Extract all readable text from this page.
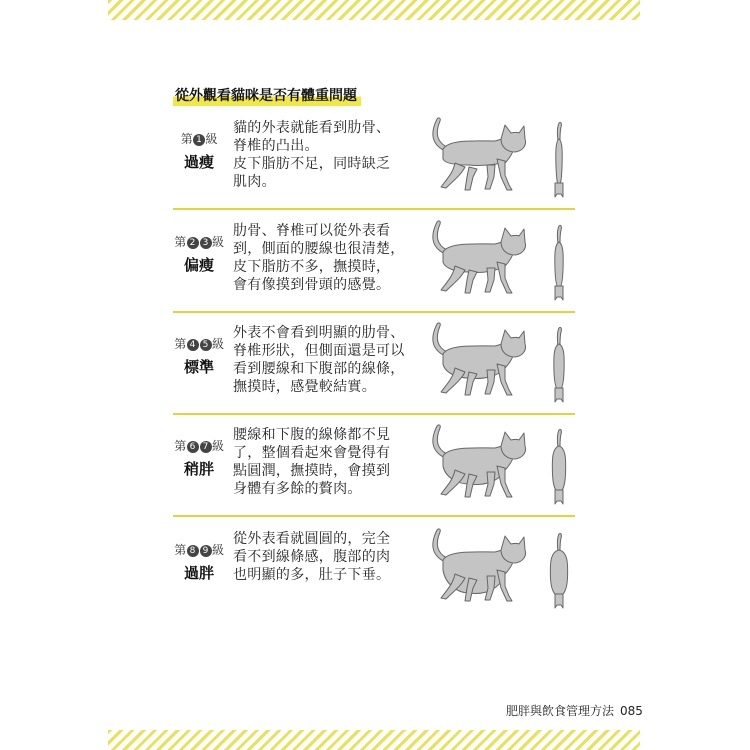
從外觀看貓咪是否有體重問題
第 1 級
過瘦
貓的外表就能看到肋骨、
脊椎的凸出。
皮下脂肪不足，同時缺乏
肌肉。
第 2 3 級
偏瘦
肋骨、脊椎可以從外表看
到，側面的腰線也很清楚，
皮下脂肪不多，撫摸時，
會有像摸到骨頭的感覺。
第 4 5 級
標準
外表不會看到明顯的肋骨、
脊椎形狀，但側面還是可以
看到腰線和下腹部的線條，
撫摸時，感覺較結實。
第 6 7 級
稍胖
腰線和下腹的線條都不見
了，整個看起來會覺得有
點圓潤，撫摸時，會摸到
身體有多餘的贅肉。
第 8 9 級
過胖
從外表看就圓圓的，完全
看不到線條感，腹部的肉
也明顯的多，肚子下垂。
肥胖與飲食管理方法 085
